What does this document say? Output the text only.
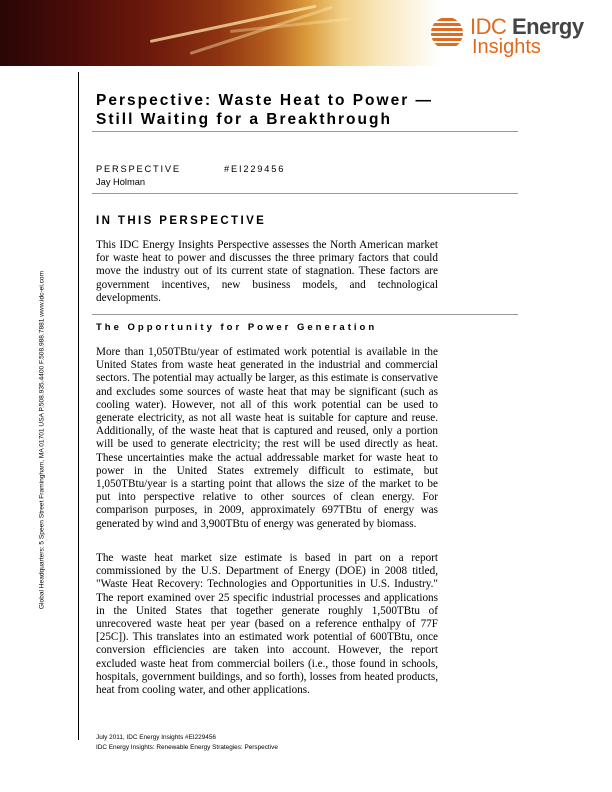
IDC Energy
Insights
Global Headquarters: 5 Speen Street Framingham, MA 01701 USA P.508.935.4400 F.508.988.7881 www.idc-ei.com
Perspective: Waste Heat to Power —
Still Waiting for a Breakthrough
PERSPECTIVE	#EI229456
Jay Holman
IN THIS PERSPECTIVE
This IDC Energy Insights Perspective assesses the North American market for waste heat to power and discusses the three primary factors that could move the industry out of its current state of stagnation. These factors are government incentives, new business models, and technological developments.
The Opportunity for Power Generation
More than 1,050TBtu/year of estimated work potential is available in the United States from waste heat generated in the industrial and commercial sectors. The potential may actually be larger, as this estimate is conservative and excludes some sources of waste heat that may be significant (such as cooling water). However, not all of this work potential can be used to generate electricity, as not all waste heat is suitable for capture and reuse. Additionally, of the waste heat that is captured and reused, only a portion will be used to generate electricity; the rest will be used directly as heat. These uncertainties make the actual addressable market for waste heat to power in the United States extremely difficult to estimate, but 1,050TBtu/year is a starting point that allows the size of the market to be put into perspective relative to other sources of clean energy. For comparison purposes, in 2009, approximately 697TBtu of energy was generated by wind and 3,900TBtu of energy was generated by biomass.
The waste heat market size estimate is based in part on a report commissioned by the U.S. Department of Energy (DOE) in 2008 titled, "Waste Heat Recovery: Technologies and Opportunities in U.S. Industry." The report examined over 25 specific industrial processes and applications in the United States that together generate roughly 1,500TBtu of unrecovered waste heat per year (based on a reference enthalpy of 77F [25C]). This translates into an estimated work potential of 600TBtu, once conversion efficiencies are taken into account. However, the report excluded waste heat from commercial boilers (i.e., those found in schools, hospitals, government buildings, and so forth), losses from heated products, heat from cooling water, and other applications.
July 2011, IDC Energy Insights #EI229456
IDC Energy Insights: Renewable Energy Strategies: Perspective
